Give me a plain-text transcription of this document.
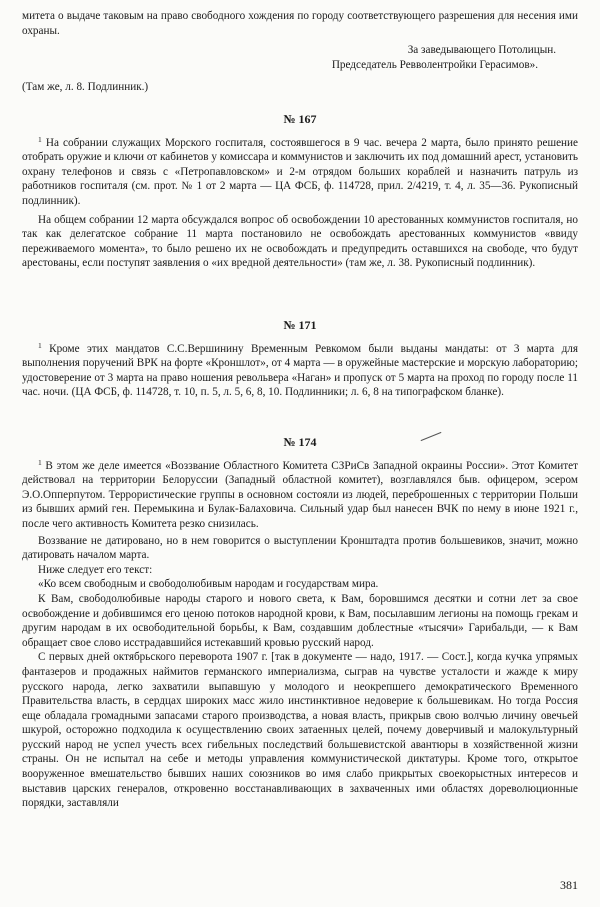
митета о выдаче таковым на право свободного хождения по городу соответствующего разрешения для несения ими охраны.

За заведывающего Потолицын.

Председатель Ревволентройки Герасимов».

(Там же, л. 8. Подлинник.)

№ 167

$^1$ На собрании служащих Морского госпиталя, состоявшегося в 9 час. вечера 2 марта, было принято решение отобрать оружие и ключи от кабинетов у комиссара и коммунистов и заключить их под домашний арест, установить охрану телефонов и связь с «Петропавловском» и 2-м отрядом больших кораблей и назначить патруль из работников госпиталя (см. прот. № 1 от 2 марта — ЦА ФСБ, ф. 114728, прил. 2/4219, т. 4, л. 35—36. Рукописный подлинник).

На общем собрании 12 марта обсуждался вопрос об освобождении 10 арестованных коммунистов госпиталя, но так как делегатское собрание 11 марта постановило не освобождать арестованных коммунистов «ввиду переживаемого момента», то было решено их не освобождать и предупредить оставшихся на свободе, что будут арестованы, если поступят заявления о «их вредной деятельности» (там же, л. 38. Рукописный подлинник).

№ 171

$^1$ Кроме этих мандатов С.С.Вершинину Временным Ревкомом были выданы мандаты: от 3 марта для выполнения поручений ВРК на форте «Кроншлот», от 4 марта — в оружейные мастерские и морскую лабораторию; удостоверение от 3 марта на право ношения револьвера «Наган» и пропуск от 5 марта на проход по городу после 11 час. ночи. (ЦА ФСБ, ф. 114728, т. 10, п. 5, л. 5, 6, 8, 10. Подлинники; л. 6, 8 на типографском бланке).

№ 174

$^1$ В этом же деле имеется «Воззвание Областного Комитета СЗРиСв Западной окраины России». Этот Комитет действовал на территории Белоруссии (Западный областной комитет), возглавлялся быв. офицером, эсером Э.О.Опперпутом. Террористические группы в основном состояли из людей, переброшенных с территории Польши из бывших армий ген. Перемыкина и Булак-Балаховича. Сильный удар был нанесен ВЧК по нему в июне 1921 г., после чего активность Комитета резко снизилась.

Воззвание не датировано, но в нем говорится о выступлении Кронштадта против большевиков, значит, можно датировать началом марта.

Ниже следует его текст:

«Ко всем свободным и свободолюбивым народам и государствам мира.

К Вам, свободолюбивые народы старого и нового света, к Вам, боровшимся десятки и сотни лет за свое освобождение и добившимся его ценою потоков народной крови, к Вам, посылавшим легионы на помощь грекам и другим народам в их освободительной борьбы, к Вам, создавшим доблестные «тысячи» Гарибальди, — к Вам обращает свое слово исстрадавшийся истекавший кровью русский народ.

С первых дней октябрьского переворота 1907 г. [так в документе — надо, 1917. — Сост.], когда кучка упрямых фантазеров и продажных наймитов германского империализма, сыграв на чувстве усталости и жажде к миру русского народа, легко захватили выпавшую у молодого и неокрепшего демократического Временного Правительства власть, в сердцах широких масс жило инстинктивное недоверие к большевикам. Но тогда Россия еще обладала громадными запасами старого производства, а новая власть, прикрыв свою волчью личину овечьей шкурой, осторожно подходила к осуществлению своих затаенных целей, почему доверчивый и малокультурный русский народ не успел учесть всех гибельных последствий большевистской авантюры в хозяйственной жизни страны. Он не испытал на себе и методы управления коммунистической диктатуры. Кроме того, открытое вооруженное вмешательство бывших наших союзников во имя слабо прикрытых своекорыстных интересов и выставив царских генералов, откровенно восстанавливающих в захваченных ими областях дореволюционные порядки, заставляли

381
